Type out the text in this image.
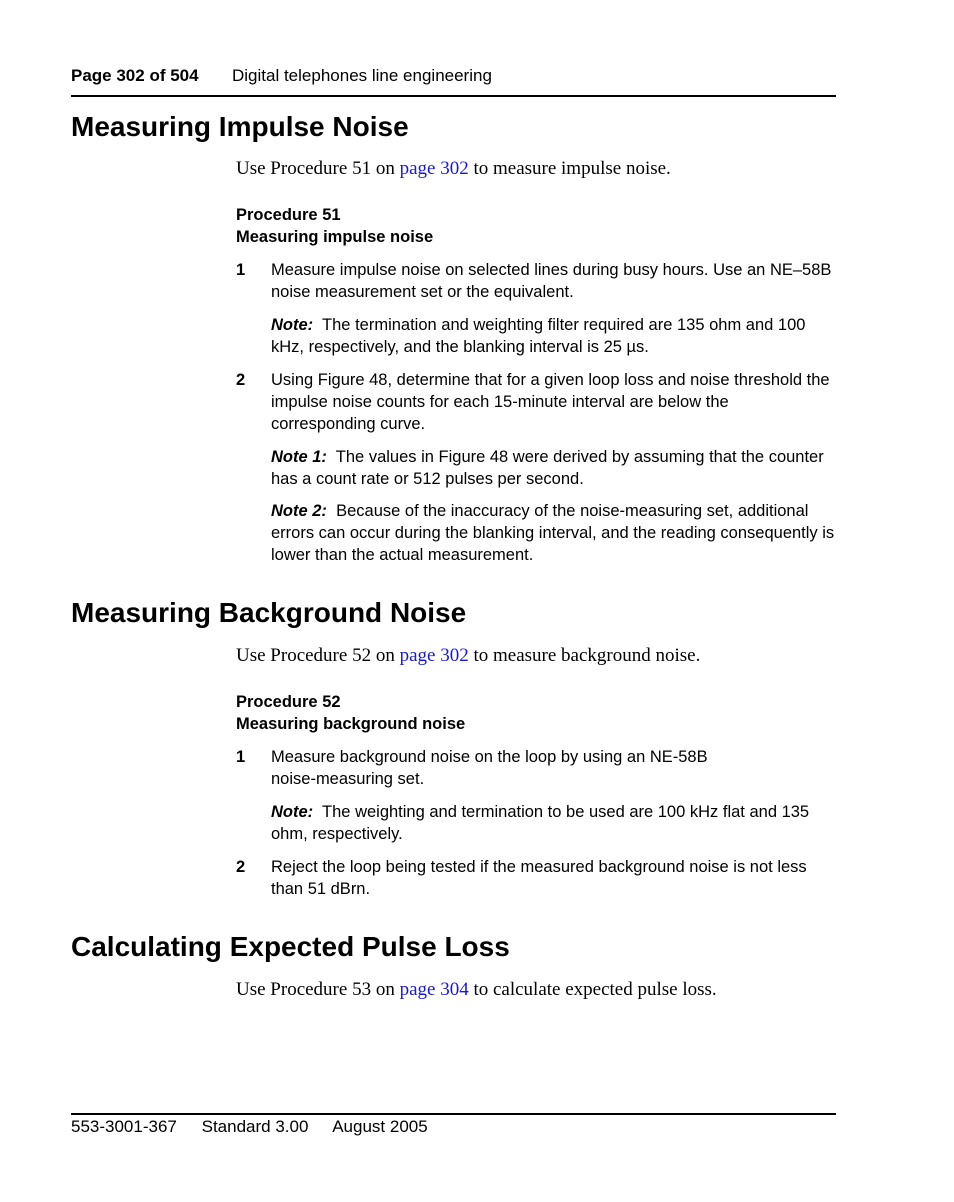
Page 302 of 504 Digital telephones line engineering
Measuring Impulse Noise

Use Procedure 51 on page 302 to measure impulse noise.

Procedure 51
Measuring impulse noise
1 Measure impulse noise on selected lines during busy hours. Use an NE–58B noise measurement set or the equivalent.
Note: The termination and weighting filter required are 135 ohm and 100 kHz, respectively, and the blanking interval is 25 µs.
2 Using Figure 48, determine that for a given loop loss and noise threshold the impulse noise counts for each 15-minute interval are below the corresponding curve.
Note 1: The values in Figure 48 were derived by assuming that the counter has a count rate or 512 pulses per second.
Note 2: Because of the inaccuracy of the noise-measuring set, additional errors can occur during the blanking interval, and the reading consequently is lower than the actual measurement.
Measuring Background Noise

Use Procedure 52 on page 302 to measure background noise.

Procedure 52
Measuring background noise
1 Measure background noise on the loop by using an NE-58B noise-measuring set.
Note: The weighting and termination to be used are 100 kHz flat and 135 ohm, respectively.
2 Reject the loop being tested if the measured background noise is not less than 51 dBrn.
Calculating Expected Pulse Loss

Use Procedure 53 on page 304 to calculate expected pulse loss.

553-3001-367 Standard 3.00 August 2005
